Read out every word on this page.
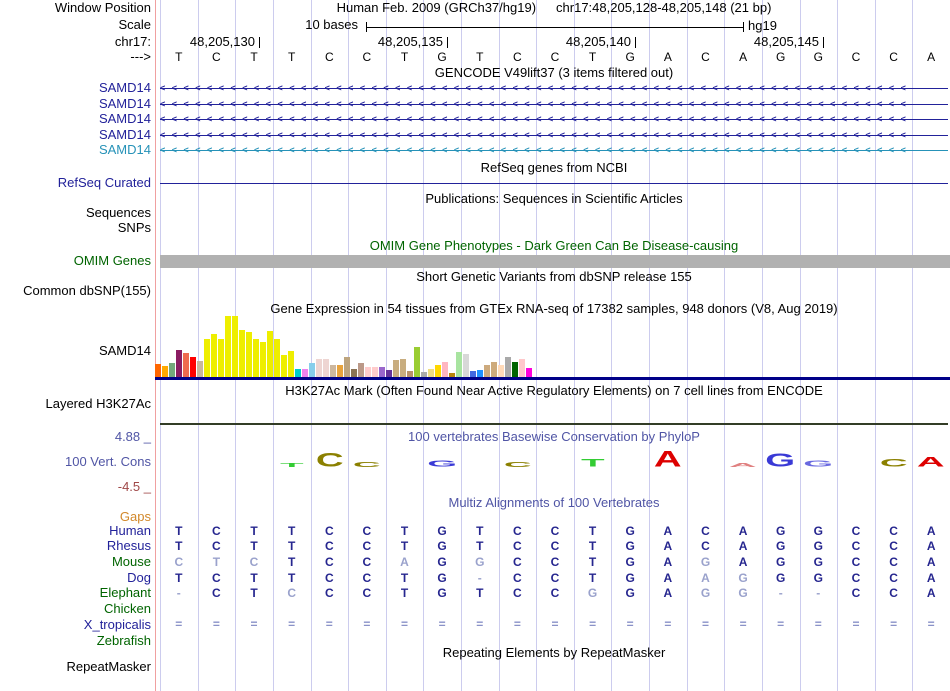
Human Feb. 2009 (GRCh37/hg19) chr17:48,205,128-48,205,148 (21 bp)
Window Position
Scale	10 bases	hg19
chr17:	48,205,130	48,205,135	48,205,140	48,205,145
--->	T	C	T	T	C	C	T	G	T	C	C	T	G	A	C	A	G	G	C	C	A
GENCODE V49lift37 (3 items filtered out)
SAMD14 <<<<<<<<<<<<<<<<<<<<<<<<<<<<<<<<<<<<<<<<<<<<<<<<<<<<<<<<<<<<<<<<
SAMD14 <<<<<<<<<<<<<<<<<<<<<<<<<<<<<<<<<<<<<<<<<<<<<<<<<<<<<<<<<<<<<<<<
SAMD14 <<<<<<<<<<<<<<<<<<<<<<<<<<<<<<<<<<<<<<<<<<<<<<<<<<<<<<<<<<<<<<<<
SAMD14 <<<<<<<<<<<<<<<<<<<<<<<<<<<<<<<<<<<<<<<<<<<<<<<<<<<<<<<<<<<<<<<<
SAMD14 <<<<<<<<<<<<<<<<<<<<<<<<<<<<<<<<<<<<<<<<<<<<<<<<<<<<<<<<<<<<<<<<
RefSeq genes from NCBI
RefSeq Curated
Publications: Sequences in Scientific Articles
Sequences
SNPs
OMIM Gene Phenotypes - Dark Green Can Be Disease-causing
OMIM Genes
Short Genetic Variants from dbSNP release 155
Common dbSNP(155)
Gene Expression in 54 tissues from GTEx RNA-seq of 17382 samples, 948 donors (V8, Aug 2019)
SAMD14
H3K27Ac Mark (Often Found Near Active Regulatory Elements) on 7 cell lines from ENCODE
Layered H3K27Ac
4.88 _	100 vertebrates Basewise Conservation by PhyloP
100 Vert. Cons
-4.5 _
T C C	G	C	T	A	A G G	C A
Multiz Alignments of 100 Vertebrates
Gaps
Human	T	C	T	T	C	C	T	G	T	C	C	T	G	A	C	A	G	G	C	C	A
Rhesus	T	C	T	T	C	C	T	G	T	C	C	T	G	A	C	A	G	G	C	C	A
Mouse	C	T	C	T	C	C	A	G	G	C	C	T	G	A	G	A	G	G	C	C	A
Dog	T	C	T	T	C	C	T	G	-	C	C	T	G	A	A	G	G	G	C	C	A
Elephant	-	C	T	C	C	C	T	G	T	C	C	G	G	A	G	G	-	-	C	C	A
Chicken
X_tropicalis	=	=	=	=	=	=	=	=	=	=	=	=	=	=	=	=	=	=	=	=	=
Zebrafish
Repeating Elements by RepeatMasker
RepeatMasker
